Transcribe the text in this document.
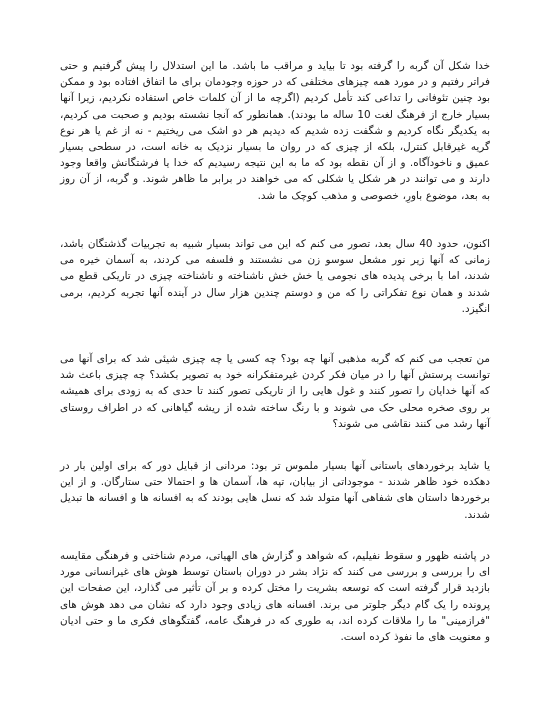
خدا شکل آن گربه را گرفته بود تا بیاید و مراقب ما باشد. ما این استدلال را پیش گرفتیم و حتی فراتر رفتیم و در مورد همه چیزهای مختلفی که در حوزه وجودمان برای ما اتفاق افتاده بود و ممکن بود چنین تئوفانی را تداعی کند تأمل کردیم (اگرچه ما از آن کلمات خاص استفاده نکردیم، زیرا آنها بسیار خارج از فرهنگ لغت 10 ساله ما بودند). همانطور که آنجا نشسته بودیم و صحبت می کردیم، به یکدیگر نگاه کردیم و شگفت زده شدیم که دیدیم هر دو اشک می ریختیم - نه از غم یا هر نوع گریه غیرقابل کنترل، بلکه از چیزی که در روان ما بسیار نزدیک به خانه است، در سطحی بسیار عمیق و ناخودآگاه. و از آن نقطه بود که ما به این نتیجه رسیدیم که خدا یا فرشتگانش واقعا وجود دارند و می توانند در هر شکل یا شکلی که می خواهند در برابر ما ظاهر شوند. و گربه، از آن روز به بعد، موضوع باورِ، خصوصی و مذهب کوچک ما شد.

اکنون، حدود 40 سال بعد، تصور می کنم که این می تواند بسیار شبیه به تجربیات گذشتگان باشد، زمانی که آنها زیر نور مشعل سوسو زن می نشستند و فلسفه می کردند، به آسمان خیره می شدند، اما با برخی پدیده های نجومی یا خش خش ناشناخته و ناشناخته چیزی در تاریکی قطع می شدند و همان نوع تفکراتی را که من و دوستم چندین هزار سال در آینده آنها تجربه کردیم، برمی انگیزد.

من تعجب می کنم که گربه مذهبی آنها چه بود؟ چه کسی یا چه چیزی شیئی شد که برای آنها می توانست پرستش آنها را در میان فکر کردن غیرمتفکرانه خود به تصویر بکشد؟ چه چیزی باعث شد که آنها خدایان را تصور کنند و غول هایی را از تاریکی تصور کنند تا حدی که به زودی برای همیشه بر روی صخره محلی حک می شوند و با رنگ ساخته شده از ریشه گیاهانی که در اطراف روستای آنها رشد می کنند نقاشی می شوند؟

یا شاید برخوردهای باستانی آنها بسیار ملموس تر بود: مردانی از قبایل دور که برای اولین بار در دهکده خود ظاهر شدند - موجوداتی از بیابان، تپه ها، آسمان ها و احتمالا حتی ستارگان. و از این برخوردها داستان های شفاهی آنها متولد شد که نسل هایی بودند که به افسانه ها و افسانه ها تبدیل شدند.

در پاشنه ظهور و سقوط نفیلیم، که شواهد و گزارش های الهیاتی، مردم شناختی و فرهنگی مقایسه ای را بررسی و بررسی می کنند که نژاد بشر در دوران باستان توسط هوش های غیرانسانی مورد بازدید قرار گرفته است که توسعه بشریت را مختل کرده و بر آن تأثیر می گذارد، این صفحات این پرونده را یک گام دیگر جلوتر می برند. افسانه های زیادی وجود دارد که نشان می دهد هوش های "فرازمینی" ما را ملاقات کرده اند، به طوری که در فرهنگ عامه، گفتگوهای فکری ما و حتی ادیان و معنویت های ما نفوذ کرده است.
